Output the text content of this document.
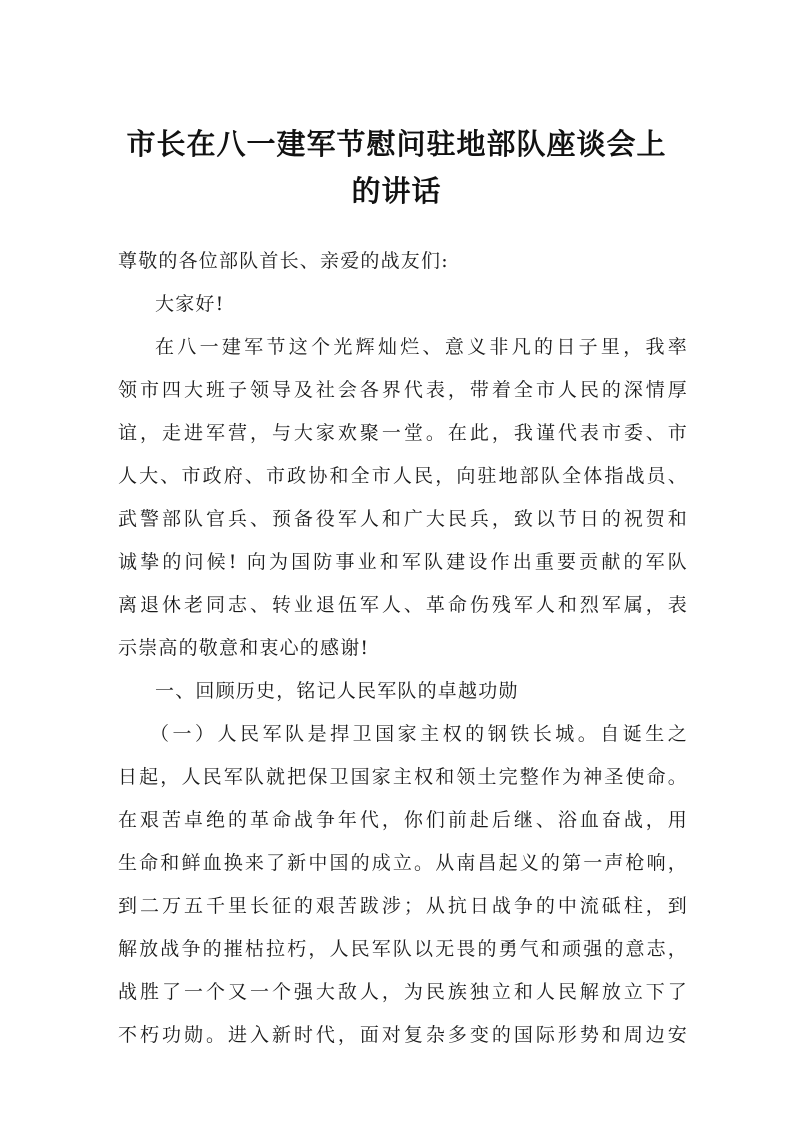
市长在八一建军节慰问驻地部队座谈会上
的讲话
尊敬的各位部队首长、亲爱的战友们:
大家好!
在八一建军节这个光辉灿烂、意义非凡的日子里，我率
领市四大班子领导及社会各界代表，带着全市人民的深情厚
谊，走进军营，与大家欢聚一堂。在此，我谨代表市委、市
人大、市政府、市政协和全市人民，向驻地部队全体指战员、
武警部队官兵、预备役军人和广大民兵，致以节日的祝贺和
诚挚的问候! 向为国防事业和军队建设作出重要贡献的军队
离退休老同志、转业退伍军人、革命伤残军人和烈军属，表
示崇高的敬意和衷心的感谢!
一、回顾历史，铭记人民军队的卓越功勋
（一）人民军队是捍卫国家主权的钢铁长城。自诞生之
日起，人民军队就把保卫国家主权和领土完整作为神圣使命。
在艰苦卓绝的革命战争年代，你们前赴后继、浴血奋战，用
生命和鲜血换来了新中国的成立。从南昌起义的第一声枪响，
到二万五千里长征的艰苦跋涉；从抗日战争的中流砥柱，到
解放战争的摧枯拉朽，人民军队以无畏的勇气和顽强的意志，
战胜了一个又一个强大敌人，为民族独立和人民解放立下了
不朽功勋。进入新时代，面对复杂多变的国际形势和周边安
